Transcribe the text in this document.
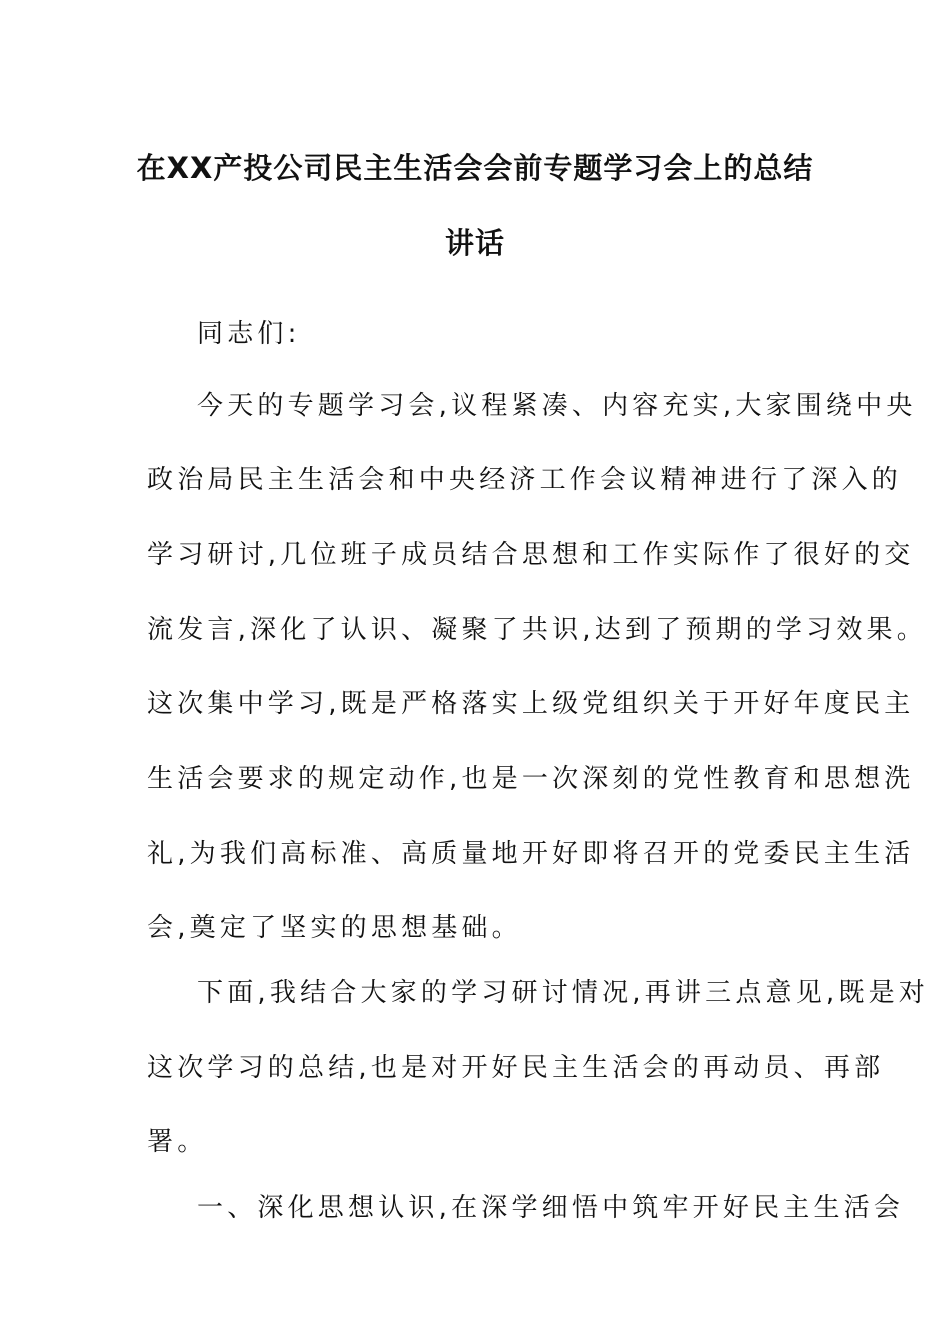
在XX产投公司民主生活会会前专题学习会上的总结
讲话
同志们:
今天的专题学习会,议程紧凑、内容充实,大家围绕中央
政治局民主生活会和中央经济工作会议精神进行了深入的
学习研讨,几位班子成员结合思想和工作实际作了很好的交
流发言,深化了认识、凝聚了共识,达到了预期的学习效果。
这次集中学习,既是严格落实上级党组织关于开好年度民主
生活会要求的规定动作,也是一次深刻的党性教育和思想洗
礼,为我们高标准、高质量地开好即将召开的党委民主生活
会,奠定了坚实的思想基础。
下面,我结合大家的学习研讨情况,再讲三点意见,既是对
这次学习的总结,也是对开好民主生活会的再动员、再部
署。
一、深化思想认识,在深学细悟中筑牢开好民主生活会
